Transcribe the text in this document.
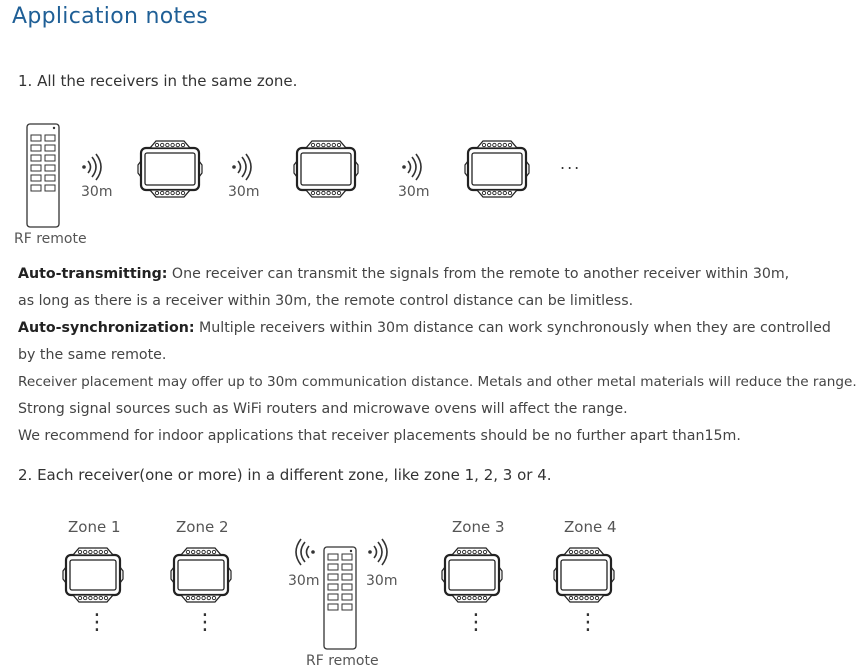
Application notes
1. All the receivers in the same zone.
RF remote
30m	30m	30m
...
Auto-transmitting: One receiver can transmit the signals from the remote to another receiver within 30m,
as long as there is a receiver within 30m, the remote control distance can be limitless.
Auto-synchronization: Multiple receivers within 30m distance can work synchronously when they are controlled
by the same remote.
Receiver placement may offer up to 30m communication distance. Metals and other metal materials will reduce the range.
Strong signal sources such as WiFi routers and microwave ovens will affect the range.
We recommend for indoor applications that receiver placements should be no further apart than15m.
2. Each receiver(one or more) in a different zone, like zone 1, 2, 3 or 4.
Zone 1	Zone 2	Zone 3	Zone 4
⋮	⋮	⋮	⋮
30m	30m
RF remote
